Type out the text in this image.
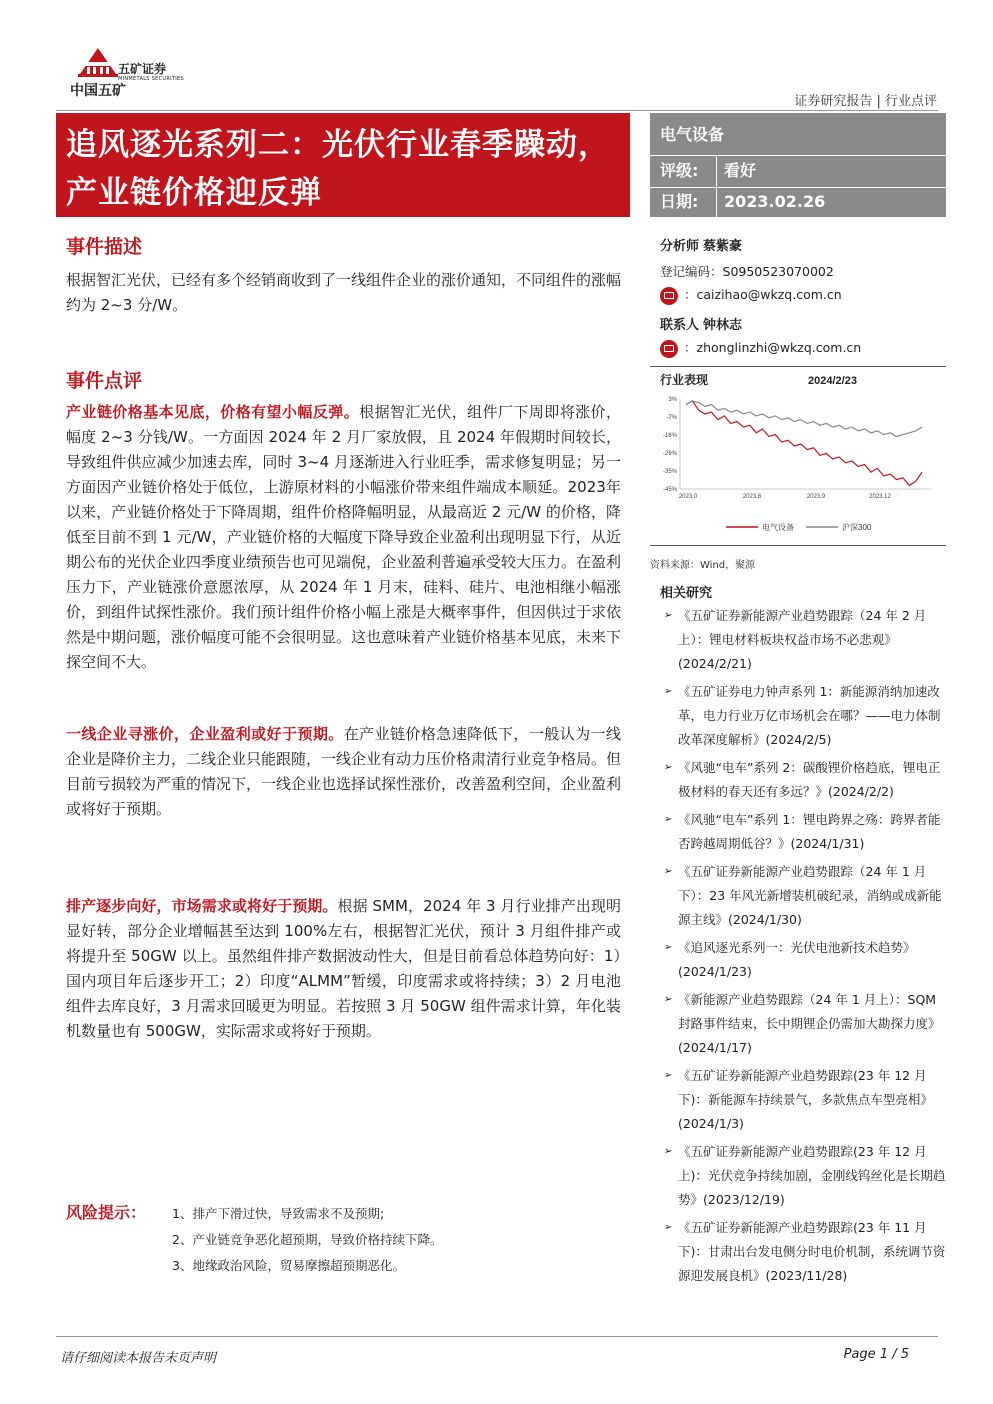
中国五矿
五矿证券
MINMETALS SECURITIES
证券研究报告 | 行业点评
追风逐光系列二：光伏行业春季躁动，产业链价格迎反弹
电气设备
评级: 看好
日期: 2023.02.26
事件描述
根据智汇光伏，已经有多个经销商收到了一线组件企业的涨价通知，不同组件的涨幅约为 2~3 分/W。
事件点评
产业链价格基本见底，价格有望小幅反弹。根据智汇光伏，组件厂下周即将涨价，幅度 2~3 分钱/W。一方面因 2024 年 2 月厂家放假，且 2024 年假期时间较长，导致组件供应减少加速去库，同时 3~4 月逐渐进入行业旺季，需求修复明显；另一方面因产业链价格处于低位，上游原材料的小幅涨价带来组件端成本顺延。2023年以来，产业链价格处于下降周期，组件价格降幅明显，从最高近 2 元/W 的价格，降低至目前不到 1 元/W，产业链价格的大幅度下降导致企业盈利出现明显下行，从近期公布的光伏企业四季度业绩预告也可见端倪，企业盈利普遍承受较大压力。在盈利压力下，产业链涨价意愿浓厚，从 2024 年 1 月末，硅料、硅片、电池相继小幅涨价，到组件试探性涨价。我们预计组件价格小幅上涨是大概率事件，但因供过于求依然是中期问题，涨价幅度可能不会很明显。这也意味着产业链价格基本见底，未来下探空间不大。
一线企业寻涨价，企业盈利或好于预期。在产业链价格急速降低下，一般认为一线企业是降价主力，二线企业只能跟随，一线企业有动力压价格肃清行业竞争格局。但目前亏损较为严重的情况下，一线企业也选择试探性涨价，改善盈利空间，企业盈利或将好于预期。
排产逐步向好，市场需求或将好于预期。根据 SMM，2024 年 3 月行业排产出现明显好转，部分企业增幅甚至达到 100%左右，根据智汇光伏，预计 3 月组件排产或将提升至 50GW 以上。虽然组件排产数据波动性大，但是目前看总体趋势向好：1）国内项目年后逐步开工；2）印度“ALMM”暂缓，印度需求或将持续；3）2 月电池组件去库良好，3 月需求回暖更为明显。若按照 3 月 50GW 组件需求计算，年化装机数量也有 500GW，实际需求或将好于预期。
风险提示： 1、排产下滑过快，导致需求不及预期;
2、产业链竞争恶化超预期，导致价格持续下降。
3、地缘政治风险，贸易摩擦超预期恶化。
分析师 蔡紫豪
登记编码：S0950523070002
：caizihao@wkzq.com.cn
联系人 钟林志
：zhonglinzhi@wkzq.com.cn
行业表现	2024/2/23
3%
-7%
-16%
-26%
-35%
-45%
2023.0	2023.6	2023.9	2023.12
电气设备	沪深300
资料来源：Wind，聚源
相关研究
➢ 《五矿证券新能源产业趋势跟踪（24 年 2 月上）：锂电材料板块权益市场不必悲观》(2024/2/21)
➢ 《五矿证券电力钟声系列 1：新能源消纳加速改革，电力行业万亿市场机会在哪？——电力体制改革深度解析》(2024/2/5)
➢ 《风驰“电车”系列 2：碳酸锂价格趋底，锂电正极材料的春天还有多远？》(2024/2/2)
➢ 《风驰“电车”系列 1：锂电跨界之殇：跨界者能否跨越周期低谷？》(2024/1/31)
➢ 《五矿证券新能源产业趋势跟踪（24 年 1 月下）：23 年风光新增装机破纪录，消纳或成新能源主线》(2024/1/30)
➢ 《追风逐光系列一：光伏电池新技术趋势》(2024/1/23)
➢ 《新能源产业趋势跟踪（24 年 1 月上）：SQM 封路事件结束，长中期锂企仍需加大勘探力度》(2024/1/17)
➢ 《五矿证券新能源产业趋势跟踪(23 年 12 月下)：新能源车持续景气，多款焦点车型亮相》(2024/1/3)
➢ 《五矿证券新能源产业趋势跟踪(23 年 12 月上)：光伏竞争持续加剧，金刚线钨丝化是长期趋势》(2023/12/19)
➢ 《五矿证券新能源产业趋势跟踪(23 年 11 月下)：甘肃出台发电侧分时电价机制，系统调节资源迎发展良机》(2023/11/28)
请仔细阅读本报告末页声明	Page 1 / 5
